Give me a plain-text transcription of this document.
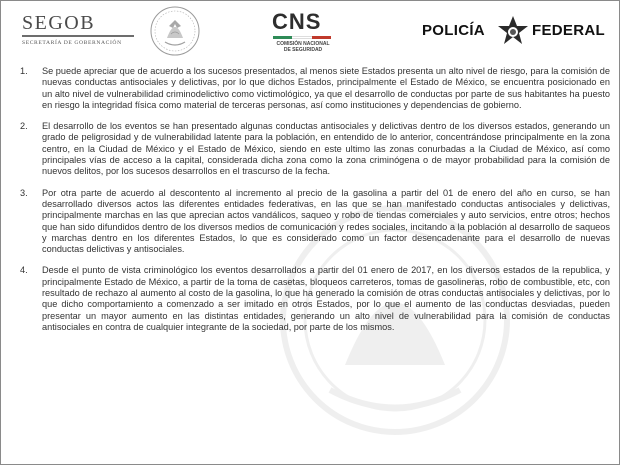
SEGOB
SECRETARÍA DE GOBERNACIÓN
CNS
COMISIÓN NACIONAL DE SEGURIDAD
POLICÍA	FEDERAL
1. Se puede apreciar que de acuerdo a los sucesos presentados, al menos siete Estados presenta un alto nivel de riesgo, para la comisión de nuevas conductas antisociales y delictivas, por lo que dichos Estados, principalmente el Estado de México, se encuentra posicionado en un alto nivel de vulnerabilidad criminodelictivo como victimológico, ya que el desarrollo de conductas por parte de sus habitantes ha puesto en riesgo la integridad física como material de terceras personas, así como instituciones y dependencias de gobierno.

2. El desarrollo de los eventos se han presentado algunas conductas antisociales y delictivas dentro de los diversos estados, generando un grado de peligrosidad y de vulnerabilidad latente para la población, en entendido de lo anterior, concentrándose principalmente en la zona centro, en la Ciudad de México y el Estado de México, siendo en este ultimo las zonas conurbadas a la Ciudad de México, así como principales vías de acceso a la capital, considerada dicha zona como la zona criminógena o de mayor probabilidad para la comisión de nuevos delitos, por los sucesos desarrollos en el trascurso de la fecha.

3. Por otra parte de acuerdo al descontento al incremento al precio de la gasolina a partir del 01 de enero del año en curso, se han desarrollado diversos actos las diferentes entidades federativas, en las que se han manifestado conductas antisociales y delictivas, principalmente marchas en las que aprecian actos vandálicos, saqueo y robo de tiendas comerciales y auto servicios, entre otros; hechos que han sido difundidos dentro de los diversos medios de comunicación y redes sociales, incitando a la población al desarrollo de saqueos y marchas dentro en los diferentes Estados, lo que es considerado como un factor desencadenante para el desarrollo de nuevas conductas delictivas y antisociales.

4. Desde el punto de vista criminológico los eventos desarrollados a partir del 01 enero de 2017, en los diversos estados de la republica, y principalmente Estado de México, a partir de la toma de casetas, bloqueos carreteros, tomas de gasolineras, robo de combustible, etc, con resultado de rechazo al aumento al costo de la gasolina, lo que ha generado la comisión de otras conductas antisociales y delictivas, por lo que dicho comportamiento a comenzado a ser imitado en otros Estados, por lo que el aumento de las conductas desviadas, pueden presentar un mayor aumento en las distintas entidades, generando un alto nivel de vulnerabilidad para la comisión de conductas antisociales en contra de cualquier integrante de la sociedad, por parte de los mismos.
